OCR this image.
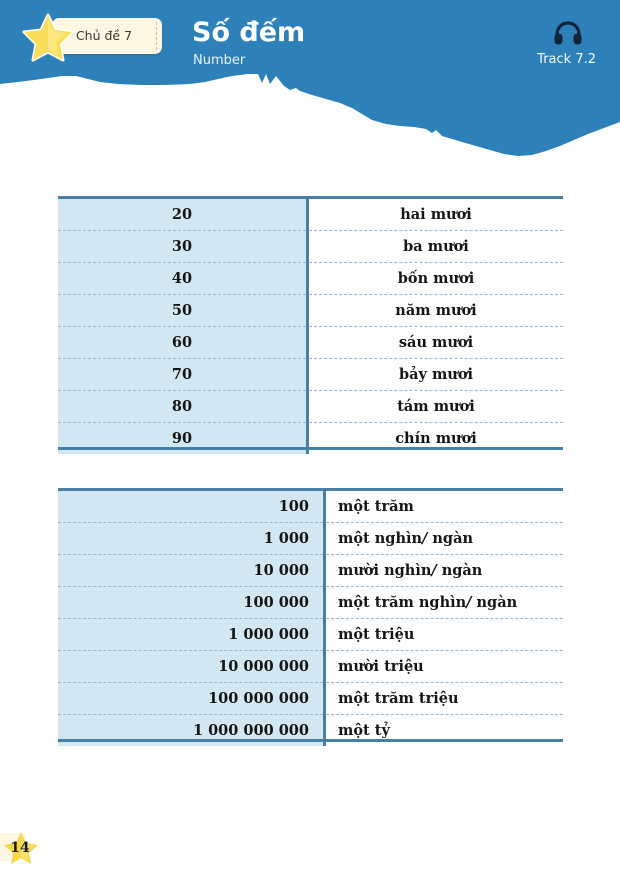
Chủ đề 7	Số đếm
Number	Track 7.2
20	hai mươi
30	ba mươi
40	bốn mươi
50	năm mươi
60	sáu mươi
70	bảy mươi
80	tám mươi
90	chín mươi
100	một trăm
1 000	một nghìn/ ngàn
10 000	mười nghìn/ ngàn
100 000	một trăm nghìn/ ngàn
1 000 000	một triệu
10 000 000	mười triệu
100 000 000	một trăm triệu
1 000 000 000	một tỷ
14
